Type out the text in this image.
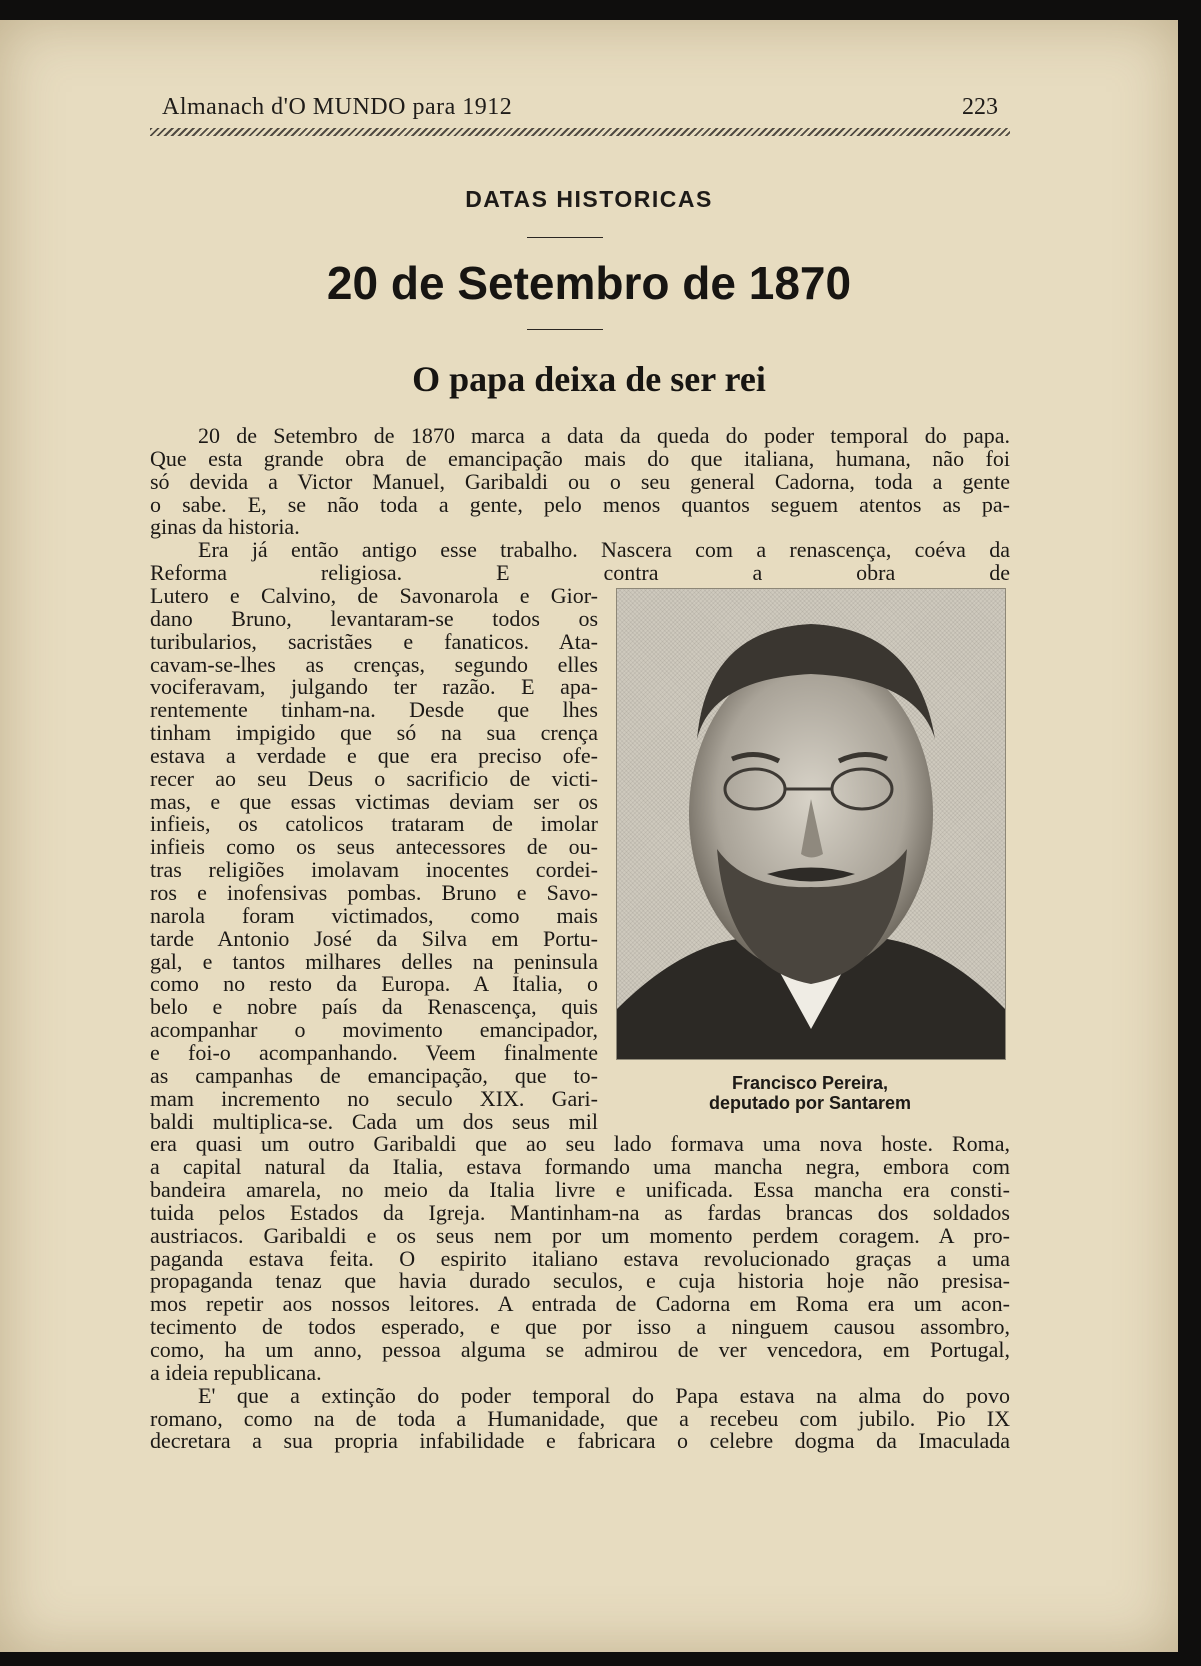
Almanach d'O MUNDO para 1912	223
DATAS HISTORICAS
20 de Setembro de 1870
O papa deixa de ser rei
20 de Setembro de 1870 marca a data da queda do poder temporal do papa.
Que esta grande obra de emancipação mais do que italiana, humana, não foi
só devida a Victor Manuel, Garibaldi ou o seu general Cadorna, toda a gente
o sabe. E, se não toda a gente, pelo menos quantos seguem atentos as pa-
ginas da historia.
Era já então antigo esse trabalho. Nascera com a renascença, coéva da
Reforma religiosa. E contra a obra de
Lutero e Calvino, de Savonarola e Gior-
dano Bruno, levantaram-se todos os
turibularios, sacristães e fanaticos. Ata-
cavam-se-lhes as crenças, segundo elles
vociferavam, julgando ter razão. E apa-
rentemente tinham-na. Desde que lhes
tinham impigido que só na sua crença
estava a verdade e que era preciso ofe-
recer ao seu Deus o sacrificio de victi-
mas, e que essas victimas deviam ser os
infieis, os catolicos trataram de imolar
infieis como os seus antecessores de ou-
tras religiões imolavam inocentes cordei-
ros e inofensivas pombas. Bruno e Savo-
narola foram victimados, como mais
tarde Antonio José da Silva em Portu-
gal, e tantos milhares delles na peninsula
como no resto da Europa. A Italia, o
belo e nobre país da Renascença, quis
acompanhar o movimento emancipador,
e foi-o acompanhando. Veem finalmente
as campanhas de emancipação, que to-
mam incremento no seculo XIX. Gari-
baldi multiplica-se. Cada um dos seus mil
era quasi um outro Garibaldi que ao seu lado formava uma nova hoste. Roma,
a capital natural da Italia, estava formando uma mancha negra, embora com
bandeira amarela, no meio da Italia livre e unificada. Essa mancha era consti-
tuida pelos Estados da Igreja. Mantinham-na as fardas brancas dos soldados
austriacos. Garibaldi e os seus nem por um momento perdem coragem. A pro-
paganda estava feita. O espirito italiano estava revolucionado graças a uma
propaganda tenaz que havia durado seculos, e cuja historia hoje não presisa-
mos repetir aos nossos leitores. A entrada de Cadorna em Roma era um acon-
tecimento de todos esperado, e que por isso a ninguem causou assombro,
como, ha um anno, pessoa alguma se admirou de ver vencedora, em Portugal,
a ideia republicana.
E' que a extinção do poder temporal do Papa estava na alma do povo
romano, como na de toda a Humanidade, que a recebeu com jubilo. Pio IX
decretara a sua propria infabilidade e fabricara o celebre dogma da Imaculada
Francisco Pereira,
deputado por Santarem
